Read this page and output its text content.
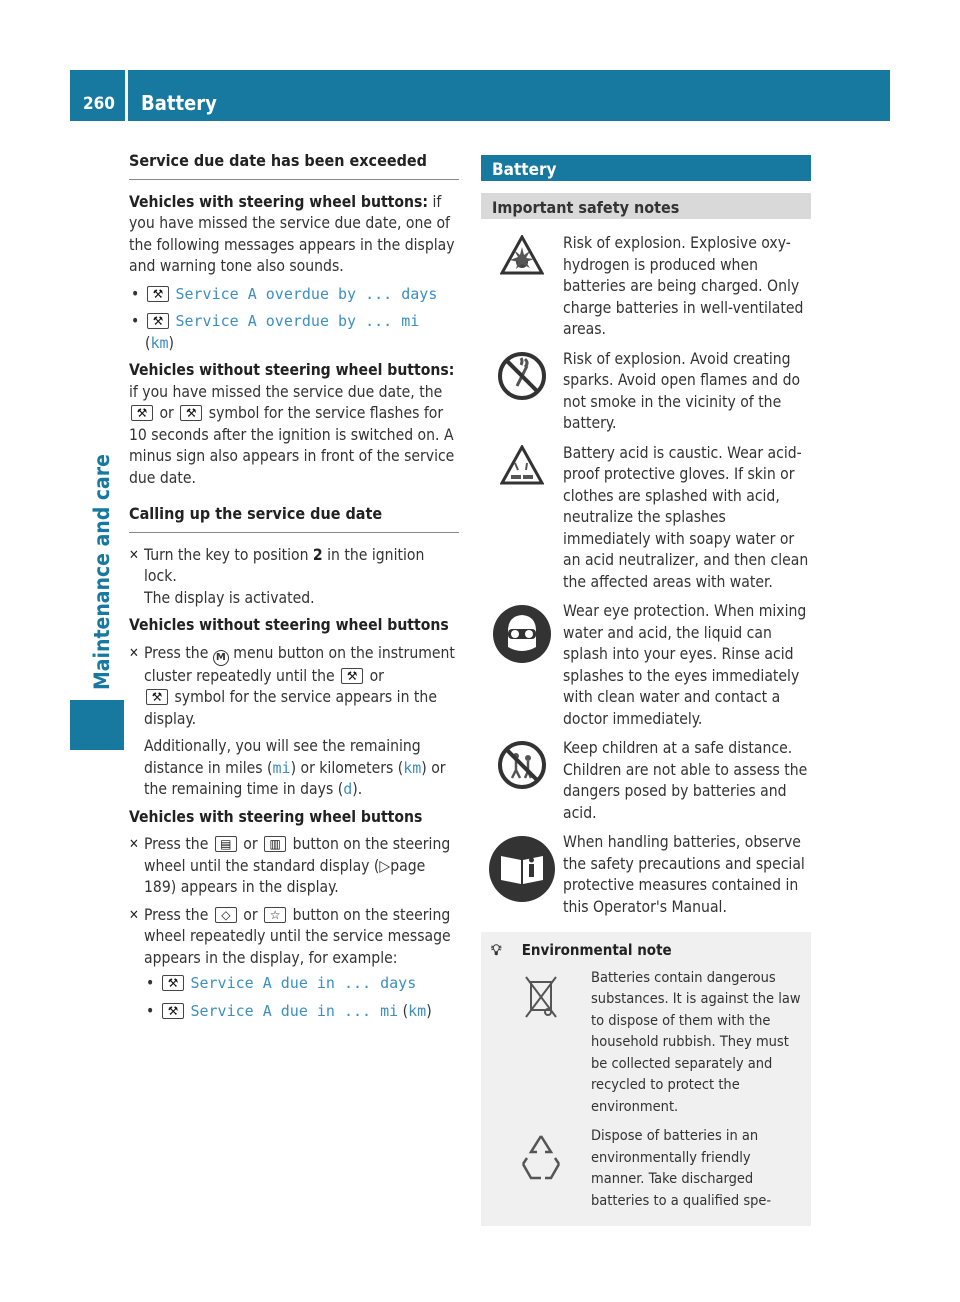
260 Battery
Maintenance and care
Service due date has been exceeded

Vehicles with steering wheel buttons: if you have missed the service due date, one of the following messages appears in the display and warning tone also sounds.

• ⚒ Service A overdue by ... days
• ⚒ Service A overdue by ... mi
(km)

Vehicles without steering wheel buttons: if you have missed the service due date, the ⚒ or ⚒ symbol for the service flashes for 10 seconds after the ignition is switched on. A minus sign also appears in front of the service due date.

Calling up the service due date
✕ Turn the key to position 2 in the ignition lock.
The display is activated.

Vehicles without steering wheel buttons

✕ Press the M menu button on the instrument cluster repeatedly until the ⚒ or
⚒ symbol for the service appears in the display.

Additionally, you will see the remaining distance in miles (mi) or kilometers (km) or the remaining time in days (d).

Vehicles with steering wheel buttons

✕ Press the ▤ or ▥ button on the steering wheel until the standard display (▷page 189) appears in the display.
✕ Press the ◇ or ☆ button on the steering wheel repeatedly until the service message appears in the display, for example:
• ⚒ Service A due in ... days
• ⚒ Service A due in ... mi (km)
Battery
Important safety notes
Risk of explosion. Explosive oxy-hydrogen is produced when batteries are being charged. Only charge batteries in well-ventilated areas.
Risk of explosion. Avoid creating sparks. Avoid open flames and do not smoke in the vicinity of the battery.
Battery acid is caustic. Wear acid-proof protective gloves. If skin or clothes are splashed with acid, neutralize the splashes immediately with soapy water or an acid neutralizer, and then clean the affected areas with water.
Wear eye protection. When mixing water and acid, the liquid can splash into your eyes. Rinse acid splashes to the eyes immediately with clean water and contact a doctor immediately.
Keep children at a safe distance. Children are not able to assess the dangers posed by batteries and acid.
When handling batteries, observe the safety precautions and special protective measures contained in this Operator's Manual.
💡︎ Environmental note
Batteries contain dangerous substances. It is against the law to dispose of them with the household rubbish. They must be collected separately and recycled to protect the environment.
Dispose of batteries in an environmentally friendly manner. Take discharged batteries to a qualified spe-
